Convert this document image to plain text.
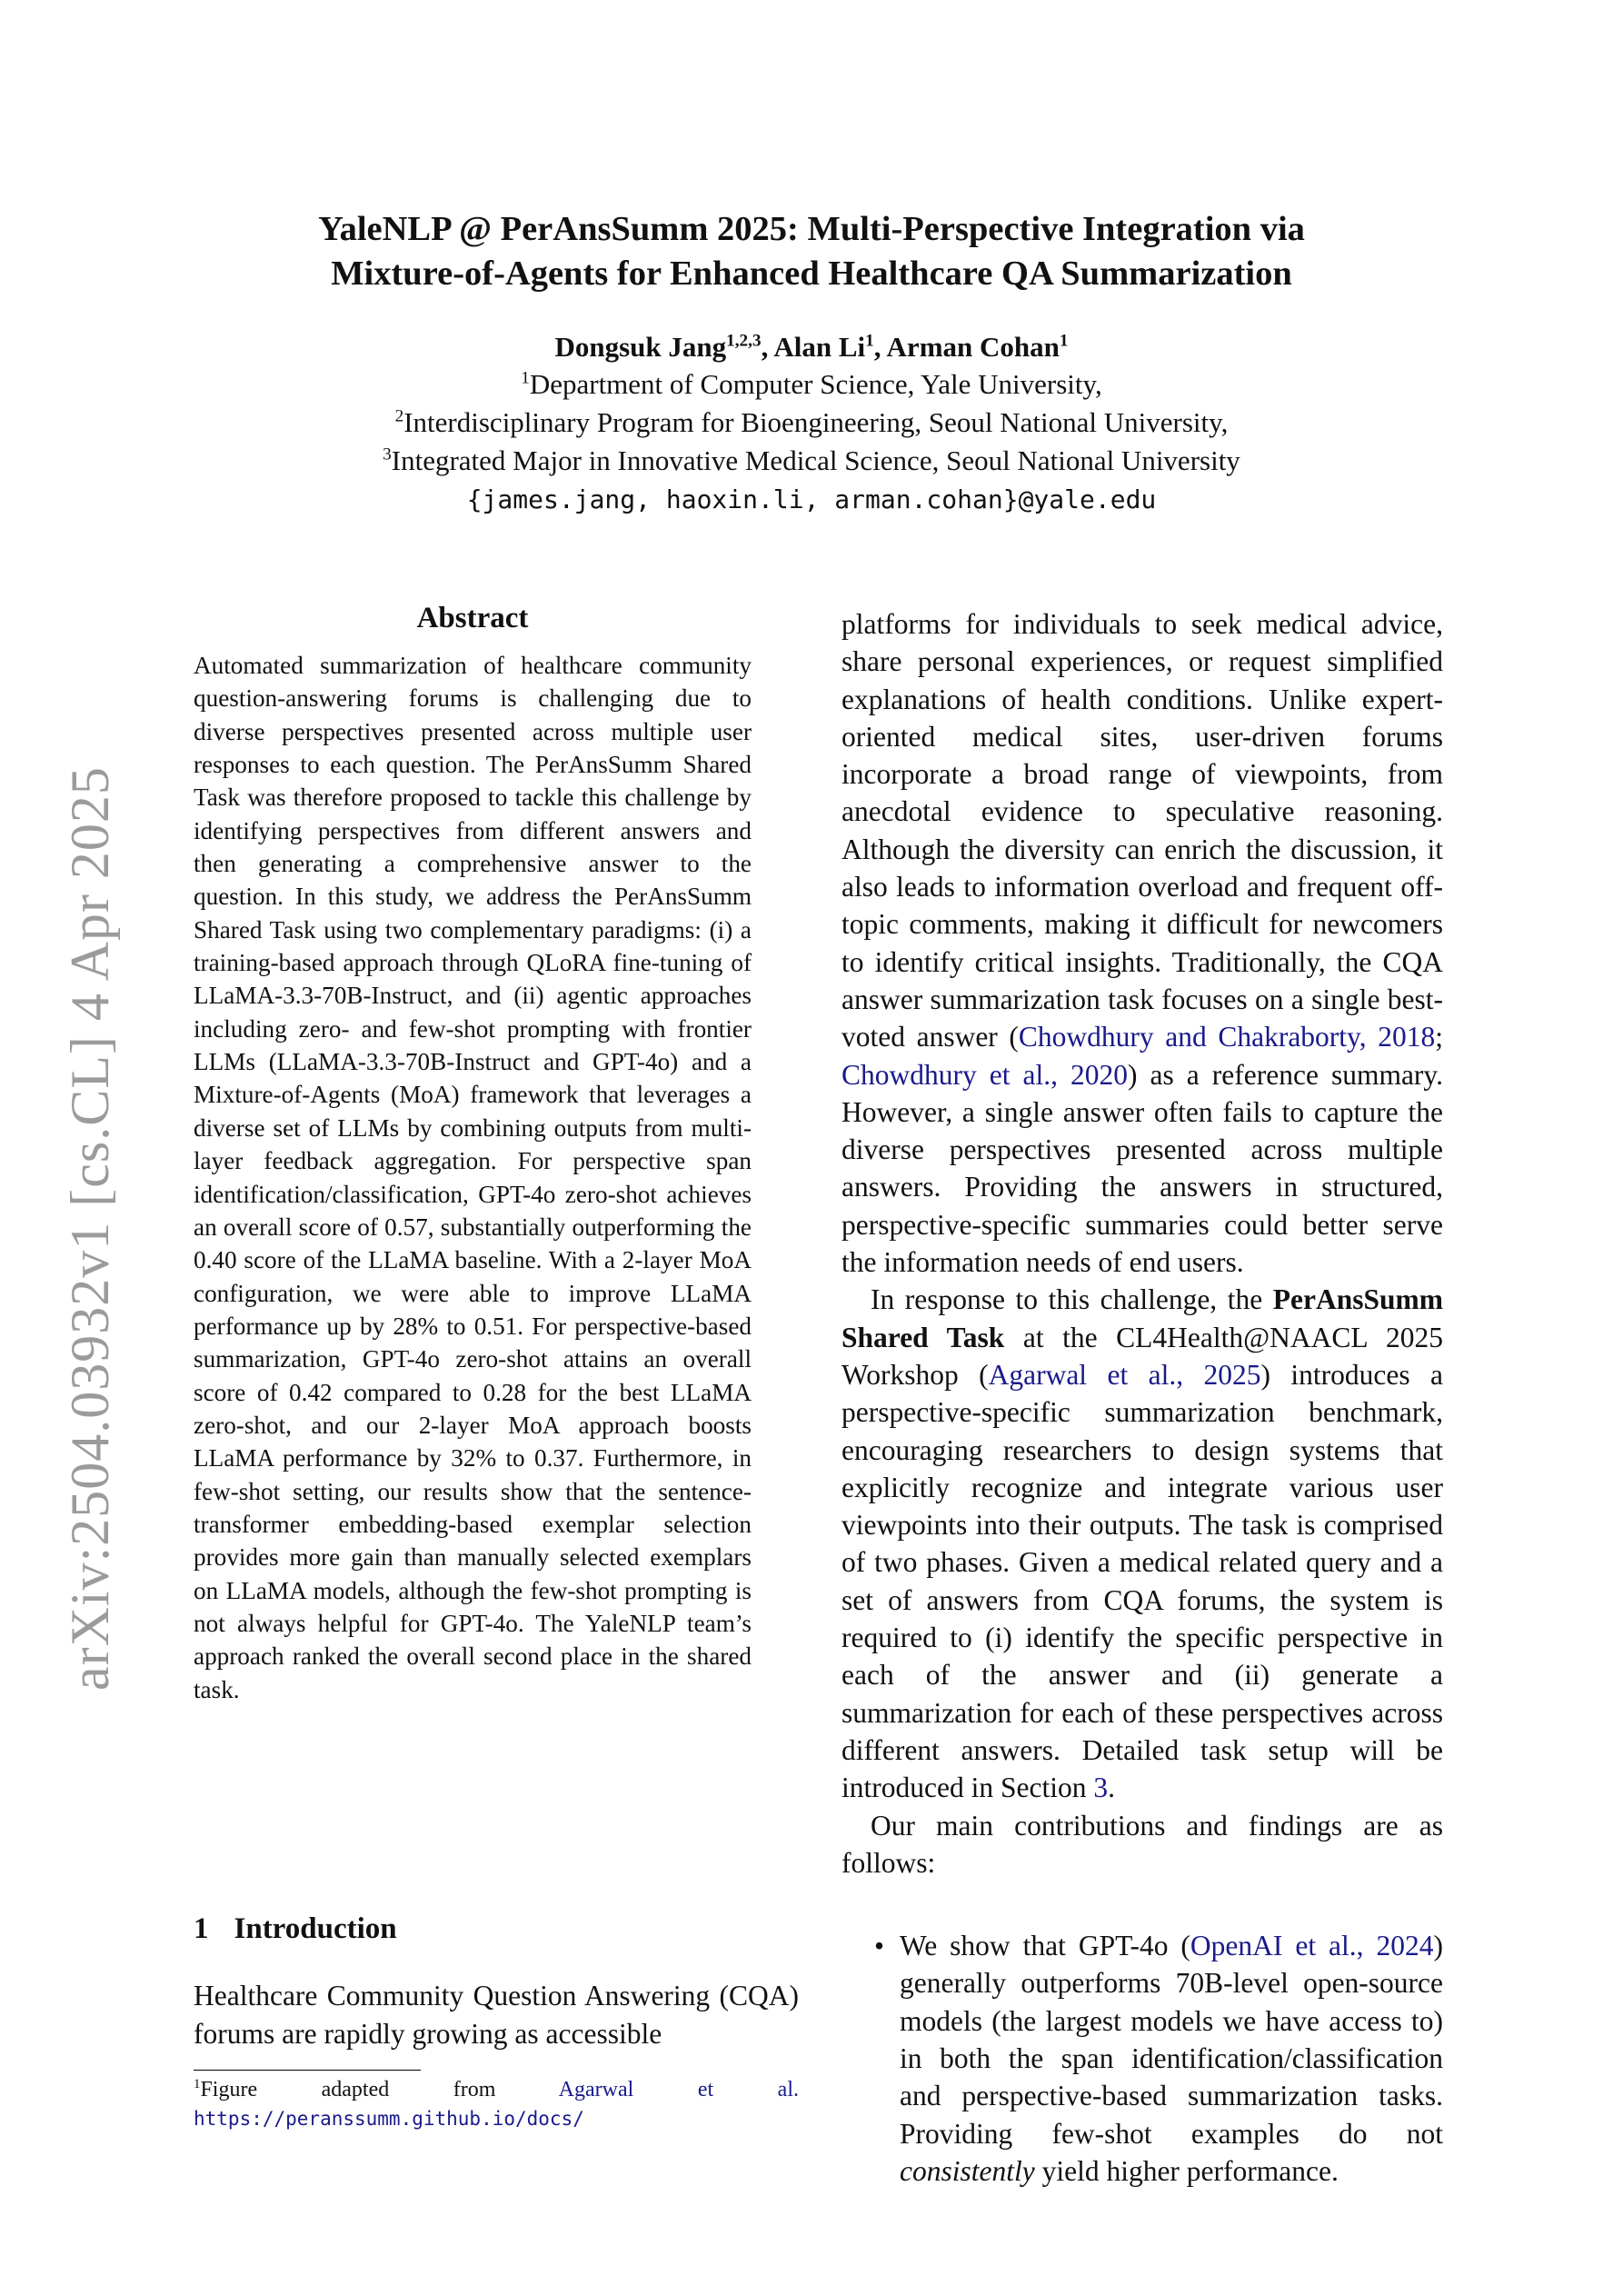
arXiv:2504.03932v1 [cs.CL] 4 Apr 2025
YaleNLP @ PerAnsSumm 2025: Multi-Perspective Integration via
Mixture-of-Agents for Enhanced Healthcare QA Summarization
Dongsuk Jang$^{1,2,3}$, Alan Li$^1$, Arman Cohan$^1$
$^1$Department of Computer Science, Yale University,
$^2$Interdisciplinary Program for Bioengineering, Seoul National University,
$^3$Integrated Major in Innovative Medical Science, Seoul National University
{james.jang, haoxin.li, arman.cohan}@yale.edu
Abstract

Automated summarization of healthcare community question-answering forums is challenging due to diverse perspectives presented across multiple user responses to each question. The PerAnsSumm Shared Task was therefore proposed to tackle this challenge by identifying perspectives from different answers and then generating a comprehensive answer to the question. In this study, we address the PerAnsSumm Shared Task using two complementary paradigms: (i) a training-based approach through QLoRA fine-tuning of LLaMA-3.3-70B-Instruct, and (ii) agentic approaches including zero- and few-shot prompting with frontier LLMs (LLaMA-3.3-70B-Instruct and GPT-4o) and a Mixture-of-Agents (MoA) framework that leverages a diverse set of LLMs by combining outputs from multi-layer feedback aggregation. For perspective span identification/classification, GPT-4o zero-shot achieves an overall score of 0.57, substantially outperforming the 0.40 score of the LLaMA baseline. With a 2-layer MoA configuration, we were able to improve LLaMA performance up by 28% to 0.51. For perspective-based summarization, GPT-4o zero-shot attains an overall score of 0.42 compared to 0.28 for the best LLaMA zero-shot, and our 2-layer MoA approach boosts LLaMA performance by 32% to 0.37. Furthermore, in few-shot setting, our results show that the sentence-transformer embedding-based exemplar selection provides more gain than manually selected exemplars on LLaMA models, although the few-shot prompting is not always helpful for GPT-4o. The YaleNLP team’s approach ranked the overall second place in the shared task.

1 Introduction

Healthcare Community Question Answering (CQA) forums are rapidly growing as accessible

$^1$Figure adapted from Agarwal et al. https://peranssumm.github.io/docs/

platforms for individuals to seek medical advice, share personal experiences, or request simplified explanations of health conditions. Unlike expert-oriented medical sites, user-driven forums incorporate a broad range of viewpoints, from anecdotal evidence to speculative reasoning. Although the diversity can enrich the discussion, it also leads to information overload and frequent off-topic comments, making it difficult for newcomers to identify critical insights. Traditionally, the CQA answer summarization task focuses on a single best-voted answer (Chowdhury and Chakraborty, 2018; Chowdhury et al., 2020) as a reference summary. However, a single answer often fails to capture the diverse perspectives presented across multiple answers. Providing the answers in structured, perspective-specific summaries could better serve the information needs of end users.

In response to this challenge, the PerAnsSumm Shared Task at the CL4Health@NAACL 2025 Workshop (Agarwal et al., 2025) introduces a perspective-specific summarization benchmark, encouraging researchers to design systems that explicitly recognize and integrate various user viewpoints into their outputs. The task is comprised of two phases. Given a medical related query and a set of answers from CQA forums, the system is required to (i) identify the specific perspective in each of the answer and (ii) generate a summarization for each of these perspectives across different answers. Detailed task setup will be introduced in Section 3.

Our main contributions and findings are as follows:

• We show that GPT-4o (OpenAI et al., 2024) generally outperforms 70B-level open-source models (the largest models we have access to) in both the span identification/classification and perspective-based summarization tasks. Providing few-shot examples do not consistently yield higher performance.
